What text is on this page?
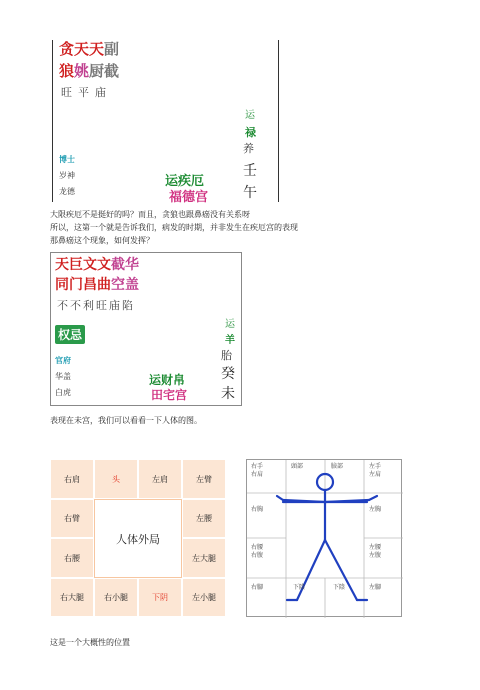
贪天天副
狼姚厨截
旺平庙
运
禄
养
壬
午
博士
岁神
龙德
运疾厄
福德宫
大限疾厄不是挺好的吗？而且，贪狼也跟鼻癌没有关系呀
所以，这第一个就是告诉我们，病发的时期，并非发生在疾厄宫的表现
那鼻癌这个现象，如何发挥？
天巨文文截华
同门昌曲空盖
不不利旺庙陷
权忌
运
羊
胎
癸
未
官府
华盖
白虎
运财帛
田宅宫
表现在未宫，我们可以看看一下人体的图。
右肩	头	左肩	左臂
右臂	左腰
右腰	左大腿
右大腿	右小腿	下阴	左小腿
人体外局
右手
右肩
頭部	臉部	左手
左肩
右胸	左胸
右腰
右腹
左腰
左腹
右腳	下陰	下陰	左腳
这是一个大概性的位置
